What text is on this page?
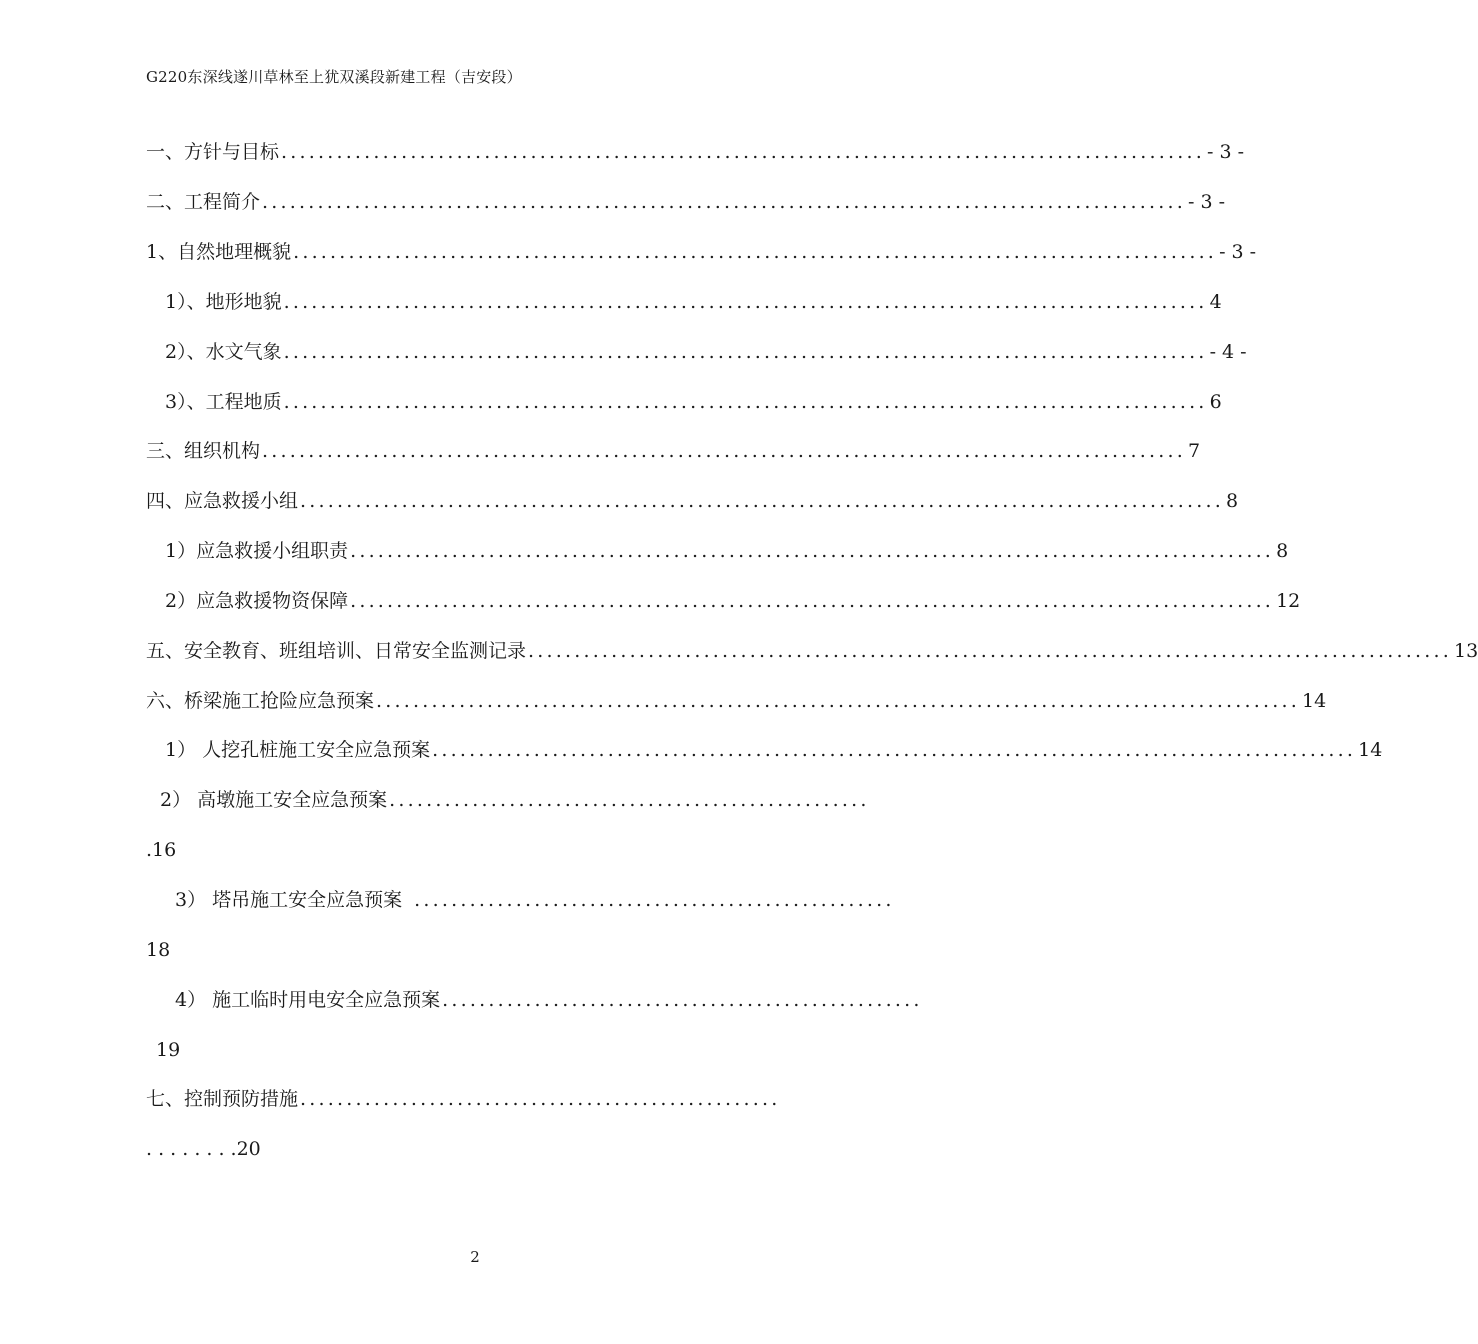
G220东深线遂川草林至上犹双溪段新建工程（吉安段）
一、方针与目标 .................................................................................................... - 3 -
二、工程简介 .................................................................................................... - 3 -
1、自然地理概貌 .................................................................................................... - 3 -
1）、地形地貌 .................................................................................................... 4
2）、水文气象 .................................................................................................... - 4 -
3）、工程地质 .................................................................................................... 6
三、组织机构 .................................................................................................... 7
四、应急救援小组 .................................................................................................... 8
1）应急救援小组职责 .................................................................................................... 8
2）应急救援物资保障 .................................................................................................... 12
五、安全教育、班组培训、日常安全监测记录 .................................................................................................... 13
六、桥梁施工抢险应急预案 .................................................................................................... 14
1） 人挖孔桩施工安全应急预案 .................................................................................................... 14
2） 高墩施工安全应急预案 ....................................................
.16
3） 塔吊施工安全应急预案 ....................................................
18
4） 施工临时用电安全应急预案 ....................................................
19
七、控制预防措施 ....................................................
. . . . . . . .20
2
